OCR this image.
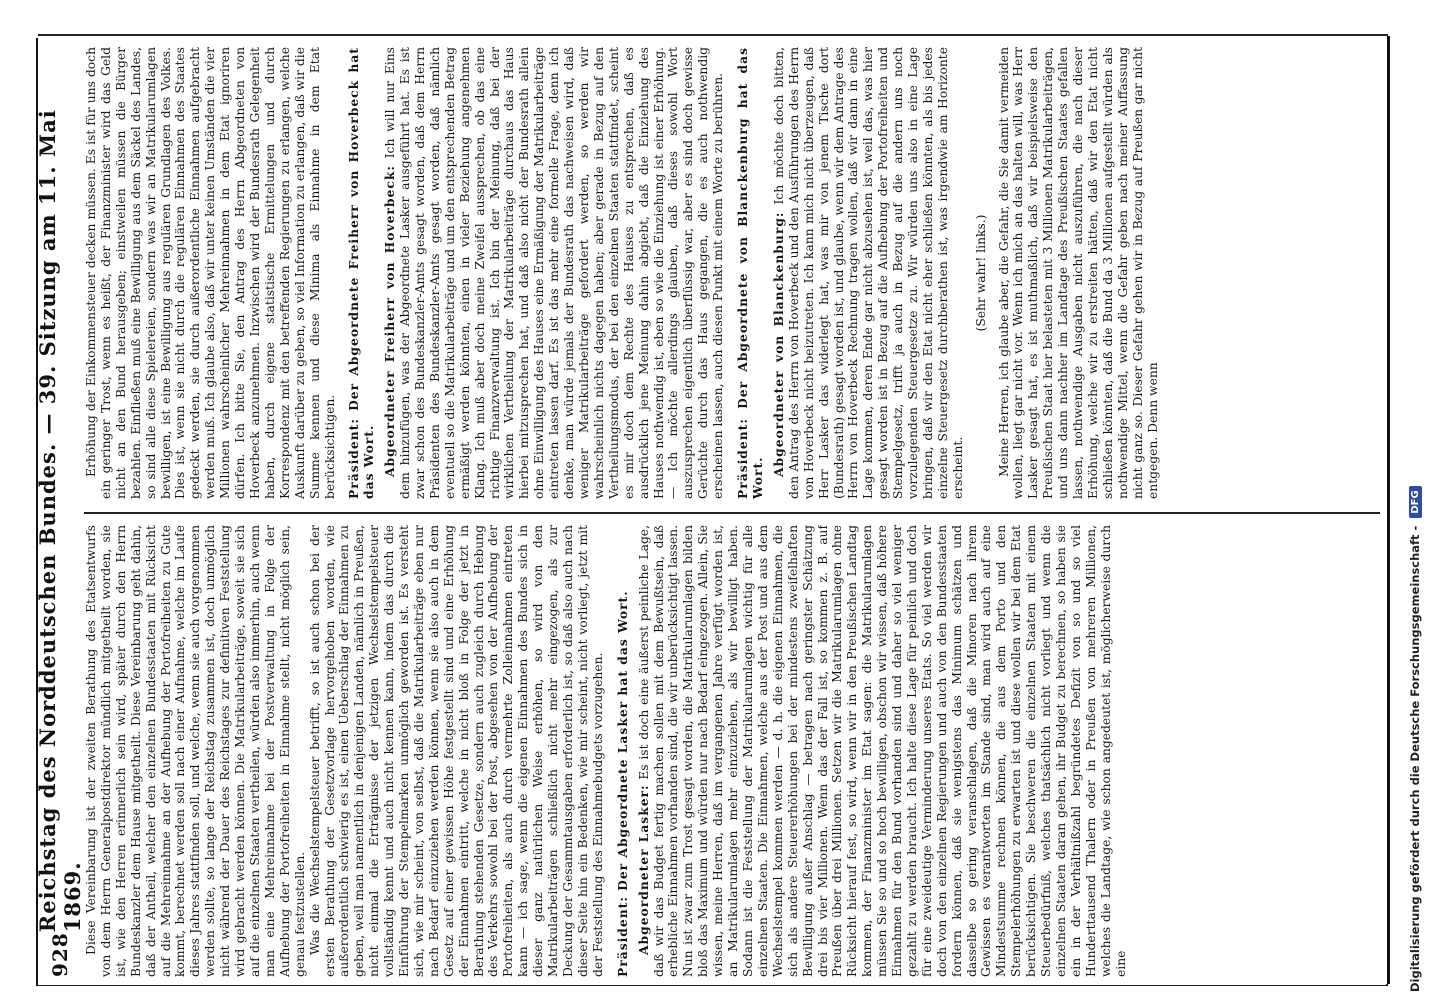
928
Reichstag des Norddeutschen Bundes. — 39. Sitzung am 11. Mai 1869. Diese Vereinbarung ist der zweiten Berathung des Etatsentwurfs von dem Herrn Generalpostdirektor mündlich mitgetheilt worden, sie ist, wie den Herren erinnerlich sein wird, später durch den Herrn Bundeskanzler dem Hause mitgetheilt. Diese Vereinbarung geht dahin, daß der Antheil, welcher den einzelnen Bundesstaaten mit Rücksicht auf die Mehreinnahme an der Aufhebung der Portofreiheiten zu Gute kommt, berechnet werden soll nach einer Aufnahme, welche im Laufe dieses Jahres stattfinden soll, und welche, wenn sie auch vorgenommen werden sollte, so lange der Reichstag zusammen ist, doch unmöglich nicht während der Dauer des Reichstages zur definitiven Feststellung wird gebracht werden können. Die Matrikularbeiträge, soweit sie sich auf die einzelnen Staaten vertheilen, würden also immerhin, auch wenn man eine Mehreinnahme bei der Postverwaltung in Folge der Aufhebung der Portofreiheiten in Einnahme stellt, nicht möglich sein, genau festzustellen. Was die Wechselstempelsteuer betrifft, so ist auch schon bei der ersten Berathung der Gesetzvorlage hervorgehoben worden, wie außerordentlich schwierig es ist, einen Ueberschlag der Einnahmen zu geben, weil man namentlich in denjenigen Landen, nämlich in Preußen, nicht einmal die Erträgnisse der jetzigen Wechselstempelsteuer vollständig kennt und auch nicht kennen kann, indem das durch die Einführung der Stempelmarken unmöglich geworden ist. Es versteht sich, wie mir scheint, von selbst, daß die Matrikularbeiträge eben nur nach Bedarf einzuziehen werden können, wenn sie also auch in dem Gesetz auf einer gewissen Höhe festgestellt sind und eine Erhöhung der Einnahmen eintritt, welche in nicht bloß in Folge der jetzt in Berathung stehenden Gesetze, sondern auch zugleich durch Hebung des Verkehrs sowohl bei der Post, abgesehen von der Aufhebung der Portofreiheiten, als auch durch vermehrte Zolleinnahmen eintreten kann — ich sage, wenn die eigenen Einnahmen des Bundes sich in dieser ganz natürlichen Weise erhöhen, so wird von den Matrikularbeiträgen schließlich nicht mehr eingezogen, als zur Deckung der Gesammtausgaben erforderlich ist, so daß also auch nach dieser Seite hin ein Bedenken, wie mir scheint, nicht vorliegt, jetzt mit der Feststellung des Einnahmebudgets vorzugehen. Präsident: Der Abgeordnete Lasker hat das Wort. Abgeordneter Lasker: Es ist doch eine äußerst peinliche Lage, daß wir das Budget fertig machen sollen mit dem Bewußtsein, daß erhebliche Einnahmen vorhanden sind, die wir unberücksichtigt lassen. Nun ist zwar zum Trost gesagt worden, die Matrikularumlagen bilden bloß das Maximum und würden nur nach Bedarf eingezogen. Allein, Sie wissen, meine Herren, daß im vergangenen Jahre verfügt worden ist, an Matrikularumlagen mehr einzuziehen, als wir bewilligt haben. Sodann ist die Feststellung der Matrikularumlagen wichtig für alle einzelnen Staaten. Die Einnahmen, welche aus der Post und aus dem Wechselstempel kommen werden — d. h. die eigenen Einnahmen, die sich als andere Steuererhöhungen bei der mindestens zweifelhaften Bewilligung außer Anschlag — betragen nach geringster Schätzung drei bis vier Millionen. Wenn das der Fall ist, so kommen z. B. auf Preußen über drei Millionen. Setzen wir die Matrikularumlagen ohne Rücksicht hierauf fest, so wird, wenn wir in den Preußischen Landtag kommen, der Finanzminister im Etat sagen: die Matrikularumlagen müssen Sie so und so hoch bewilligen, obschon wir wissen, daß höhere Einnahmen für den Bund vorhanden sind und daher so viel weniger gezahlt zu werden braucht. Ich halte diese Lage für peinlich und doch für eine zweideutige Verminderung unseres Etats. So viel werden wir doch von den einzelnen Regierungen und auch von den Bundesstaaten fordern können, daß sie wenigstens das Minimum schätzen und dasselbe so gering veranschlagen, daß die Minoren nach ihrem Gewissen es verantworten im Stande sind, man wird auch auf eine Mindestsumme rechnen können, die aus dem Porto und den Stempelerhöhungen zu erwarten ist und diese wollen wir bei dem Etat berücksichtigen. Sie beschweren die einzelnen Staaten mit einem Steuerbedürfniß, welches thatsächlich nicht vorliegt und wenn die einzelnen Staaten daran gehen, ihr Budget zu berechnen, so haben sie ein in der Verhältnißzahl begründetes Defizit von so und so viel Hunderttausend Thalern oder in Preußen von mehreren Millionen, welches die Landtage, wie schon angedeutet ist, möglicherweise durch eine

Erhöhung der Einkommensteuer decken müssen. Es ist für uns doch ein geringer Trost, wenn es heißt, der Finanzminister wird das Geld nicht an den Bund herausgeben; einstweilen müssen die Bürger bezahlen. Einfließen muß eine Bewilligung aus dem Säckel des Landes, so sind alle diese Spielereien, sondern was wir an Matrikularumlagen bewilligen, ist eine Bewilligung aus regulären Grundlagen des Volkes. Dies ist, wenn sie nicht durch die regulären Einnahmen des Staates gedeckt werden, sie durch außerordentliche Einnahmen aufgebracht werden muß. Ich glaube also, daß wir unter keinen Umständen die vier Millionen wahrscheinlicher Mehreinnahmen in dem Etat ignoriren dürfen. Ich bitte Sie, den Antrag des Herrn Abgeordneten von Hoverbeck anzunehmen. Inzwischen wird der Bundesrath Gelegenheit haben, durch eigene statistische Ermittelungen und durch Korrespondenz mit den betreffenden Regierungen zu erlangen, welche Auskunft darüber zu geben, so viel Information zu erlangen, daß wir die Summe kennen und diese Minima als Einnahme in dem Etat berücksichtigen. Präsident: Der Abgeordnete Freiherr von Hoverbeck hat das Wort. Abgeordneter Freiherr von Hoverbeck: Ich will nur Eins dem hinzufügen, was der Abgeordnete Lasker ausgeführt hat. Es ist zwar schon des Bundeskanzler-Amts gesagt worden, daß dem Herrn Präsidenten des Bundeskanzler-Amts gesagt worden, daß nämlich eventuell so die Matrikularbeiträge und um den entsprechenden Betrag ermäßigt werden könnten, einen in vieler Beziehung angenehmen Klang. Ich muß aber doch meine Zweifel aussprechen, ob das eine richtige Finanzverwaltung ist. Ich bin der Meinung, daß bei der wirklichen Vertheilung der Matrikularbeiträge durchaus das Haus hierbei mitzusprechen hat, und daß also nicht der Bundesrath allein ohne Einwilligung des Hauses eine Ermäßigung der Matrikularbeiträge eintreten lassen darf. Es ist das mehr eine formelle Frage, denn ich denke, man würde jemals der Bundesrath das nachweisen wird, daß weniger Matrikularbeiträge gefordert werden, so werden wir wahrscheinlich nichts dagegen haben; aber gerade in Bezug auf den Vertheilungsmodus, der bei den einzelnen Staaten stattfindet, scheint es mir doch dem Rechte des Hauses zu entsprechen, daß es ausdrücklich jene Meinung dahin abgiebt, daß die Einziehung des Hauses nothwendig ist, eben so wie die Einziehung ist einer Erhöhung. — Ich möchte allerdings glauben, daß dieses sowohl Wort auszusprechen eigentlich überflüssig war, aber es sind doch gewisse Gerüchte durch das Haus gegangen, die es auch nothwendig erscheinen lassen, auch diesen Punkt mit einem Worte zu berühren. Präsident: Der Abgeordnete von Blanckenburg hat das Wort.

Abgeordneter von Blanckenburg: Ich möchte doch bitten, den Antrag des Herrn von Hoverbeck und den Ausführungen des Herrn von Hoverbeck nicht beizutreten. Ich kann mich nicht überzeugen, daß Herr Lasker das widerlegt hat, was mir von jenem Tische dort (Bundesrath) gesagt worden ist, und glaube, wenn wir dem Antrage des Herrn von Hoverbeck Rechnung tragen wollen, daß wir dann in eine Lage kommen, deren Ende gar nicht abzusehen ist, weil das, was hier gesagt worden ist in Bezug auf die Aufhebung der Portofreiheiten und Stempelgesetz, trifft ja auch in Bezug auf die andern uns noch vorzulegenden Steuergesetze zu. Wir würden uns also in eine Lage bringen, daß wir den Etat nicht eher schließen könnten, als bis jedes einzelne Steuergesetz durchberathen ist, was irgendwie am Horizonte erscheint.

(Sehr wahr! links.) Meine Herren, ich glaube aber, die Gefahr, die Sie damit vermeiden wollen, liegt gar nicht vor. Wenn ich mich an das halten will, was Herr Lasker gesagt hat, es ist muthmaßlich, daß wir beispielsweise den Preußischen Staat hier belasteten mit 3 Millionen Matrikularbeiträgen, und uns dann nachher im Landtage des Preußischen Staates gefallen lassen, nothwendige Ausgaben nicht auszuführen, die nach dieser Erhöhung, welche wir zu erstreiten hätten, daß wir den Etat nicht schließen könnten, daß die Bund da 3 Millionen aufgestellt würden als nothwendige Mittel, wenn die Gefahr geben nach meiner Auffassung nicht ganz so. Dieser Gefahr gehen wir in Bezug auf Preußen gar nicht entgegen. Denn wenn

Digitalisierung gefördert durch die Deutsche Forschungsgemeinschaft -
DFG
